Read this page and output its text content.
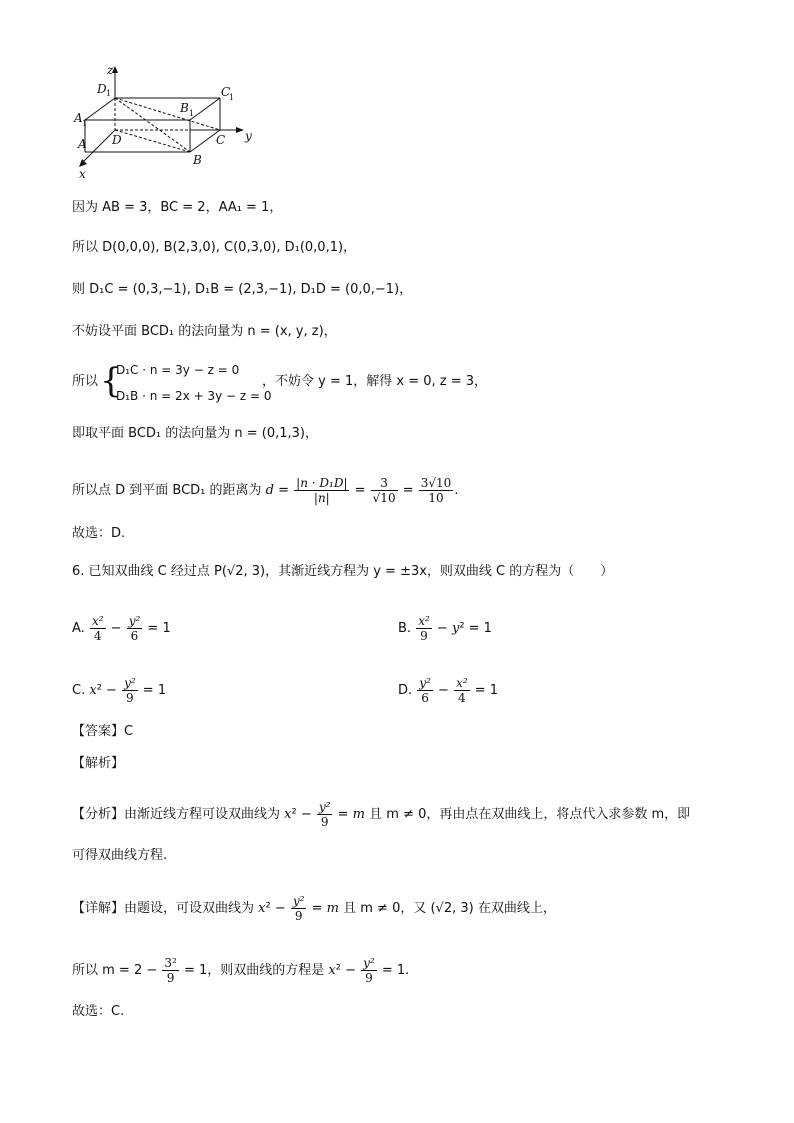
z
y
x
D 1	C
1
B 1
A 1
D
A
B
C
因为 AB = 3，BC = 2，AA₁ = 1，
所以 D(0,0,0), B(2,3,0), C(0,3,0), D₁(0,0,1)，
则 D₁C = (0,3,−1), D₁B = (2,3,−1), D₁D = (0,0,−1)，
不妨设平面 BCD₁ 的法向量为 n = (x, y, z)，
所以 {
D₁C · n = 3y − z = 0
D₁B · n = 2x + 3y − z = 0
，不妨令 y = 1，解得 x = 0, z = 3，
即取平面 BCD₁ 的法向量为 n = (0,1,3)，
所以点 D 到平面 BCD₁ 的距离为 $d = \frac{\text{|n · D₁D|}}{|n|} = \frac{3}{√10} = \frac{3√10}{10}$ .
故选：D.
6. 已知双曲线 C 经过点 P(√2, 3)，其渐近线方程为 y = ±3x，则双曲线 C 的方程为（　　）
A. $\frac{\text{x²}}{4} - \frac{\text{y²}}{6} = 1$	B. $\frac{\text{x²}}{9} - y^2 = 1$
C. $x^2 - \frac{\text{y²}}{9} = 1$	D. $\frac{\text{y²}}{6} - \frac{\text{x²}}{4} = 1$
【答案】C
【解析】
【分析】由渐近线方程可设双曲线为 $x^2 - \frac{\text{y²}}{9} = m$ 且 m ≠ 0，再由点在双曲线上，将点代入求参数 m，即
可得双曲线方程.
【详解】由题设，可设双曲线为 $x^2 - \frac{\text{y²}}{9} = m$ 且 m ≠ 0，又 (√2, 3) 在双曲线上，
所以 $m = 2 - \frac{\text{3²}}{9} = 1$，则双曲线的方程是 $x^2 - \frac{\text{y²}}{9} = 1$.
故选：C.
